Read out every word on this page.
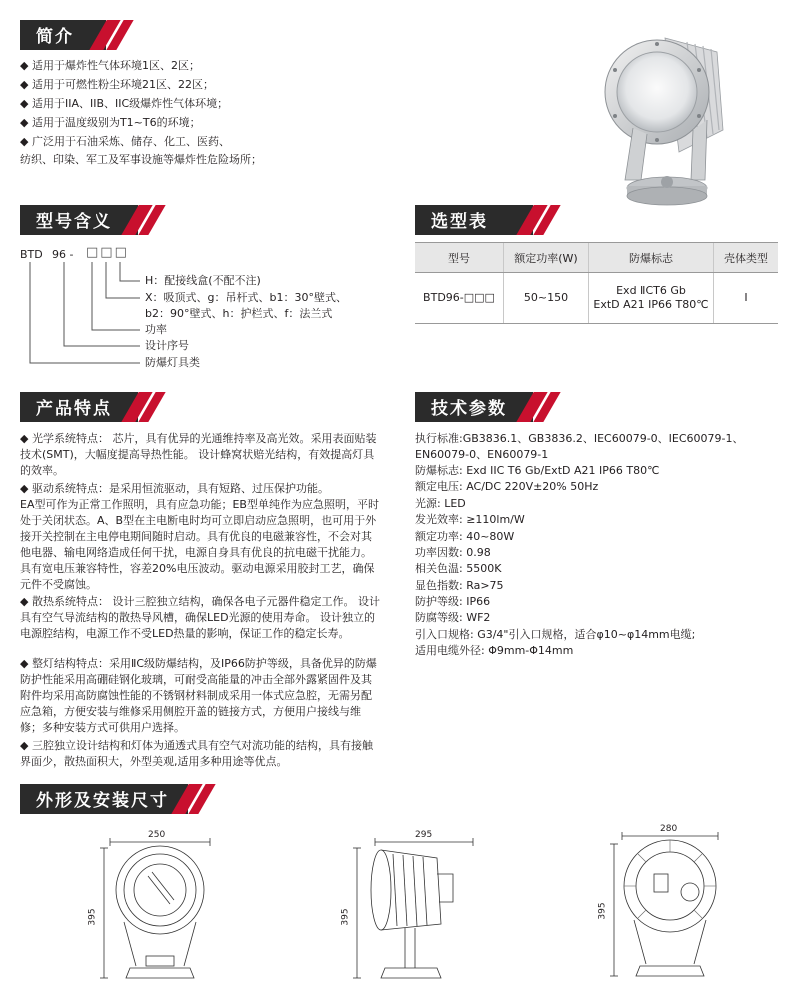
简介
型号含义	选型表
产品特点	技术参数
外形及安装尺寸
◆ 适用于爆炸性气体环境1区、2区；
◆ 适用于可燃性粉尘环境21区、22区；
◆ 适用于IIA、IIB、IIC级爆炸性气体环境；
◆ 适用于温度级别为T1~T6的环境；
◆ 广泛用于石油采炼、储存、化工、医药、
纺织、印染、军工及军事设施等爆炸性危险场所；
BTD 96 - □□□
H：配接线盒(不配不注)
X：吸顶式、g：吊杆式、b1：30°壁式、
b2：90°壁式、h：护栏式、f：法兰式
功率
设计序号
防爆灯具类
型号	额定功率(W)	防爆标志	壳体类型
BTD96-□□□	50~150	Exd ⅡCT6 Gb
ExtD A21 IP66 T80℃	Ⅰ
◆ 光学系统特点： 芯片，具有优异的光通维持率及高光效。采用表面贴装技术(SMT)，大幅度提高导热性能。 设计蜂窝状赔光结构，有效提高灯具的效率。
◆ 驱动系统特点：是采用恒流驱动，具有短路、过压保护功能。
EA型可作为正常工作照明，具有应急功能；EB型单纯作为应急照明，平时处于关闭状态。A、B型在主电断电时均可立即启动应急照明，也可用于外接开关控制在主电停电期间随时启动。具有优良的电磁兼容性，不会对其他电器、输电网络造成任何干扰，电源自身具有优良的抗电磁干扰能力。具有宽电压兼容特性，容差20%电压波动。驱动电源采用胶封工艺，确保元件不受腐蚀。
◆ 散热系统特点： 设计三腔独立结构，确保各电子元器件稳定工作。 设计具有空气导流结构的散热导风槽，确保LED光源的使用寿命。 设计独立的电源腔结构，电源工作不受LED热量的影响，保证工作的稳定长寿。
◆ 整灯结构特点：采用ⅡC级防爆结构，及IP66防护等级，具备优异的防爆防护性能采用高硼硅钢化玻璃，可耐受高能量的冲击全部外露紧固件及其附件均采用高防腐蚀性能的不锈钢材料制成采用一体式应急腔，无需另配应急箱，方便安装与维修采用侧腔开盖的链接方式，方便用户接线与维修；多种安装方式可供用户选择。
◆ 三腔独立设计结构和灯体为通透式具有空气对流功能的结构，具有接触界面少，散热面积大，外型美观,适用多种用途等优点。
执行标准:GB3836.1、GB3836.2、IEC60079-0、IEC60079-1、
EN60079-0、EN60079-1
防爆标志: Exd IIC T6 Gb/ExtD A21 IP66 T80℃
额定电压: AC/DC 220V±20% 50Hz
光源: LED
发光效率: ≥110lm/W
额定功率: 40~80W
功率因数: 0.98
相关色温: 5500K
显色指数: Ra>75
防护等级: IP66
防腐等级: WF2
引入口规格: G3/4"引入口规格，适合φ10~φ14mm电缆;
适用电缆外径: Φ9mm-Φ14mm
250
395
295
395
280
395
